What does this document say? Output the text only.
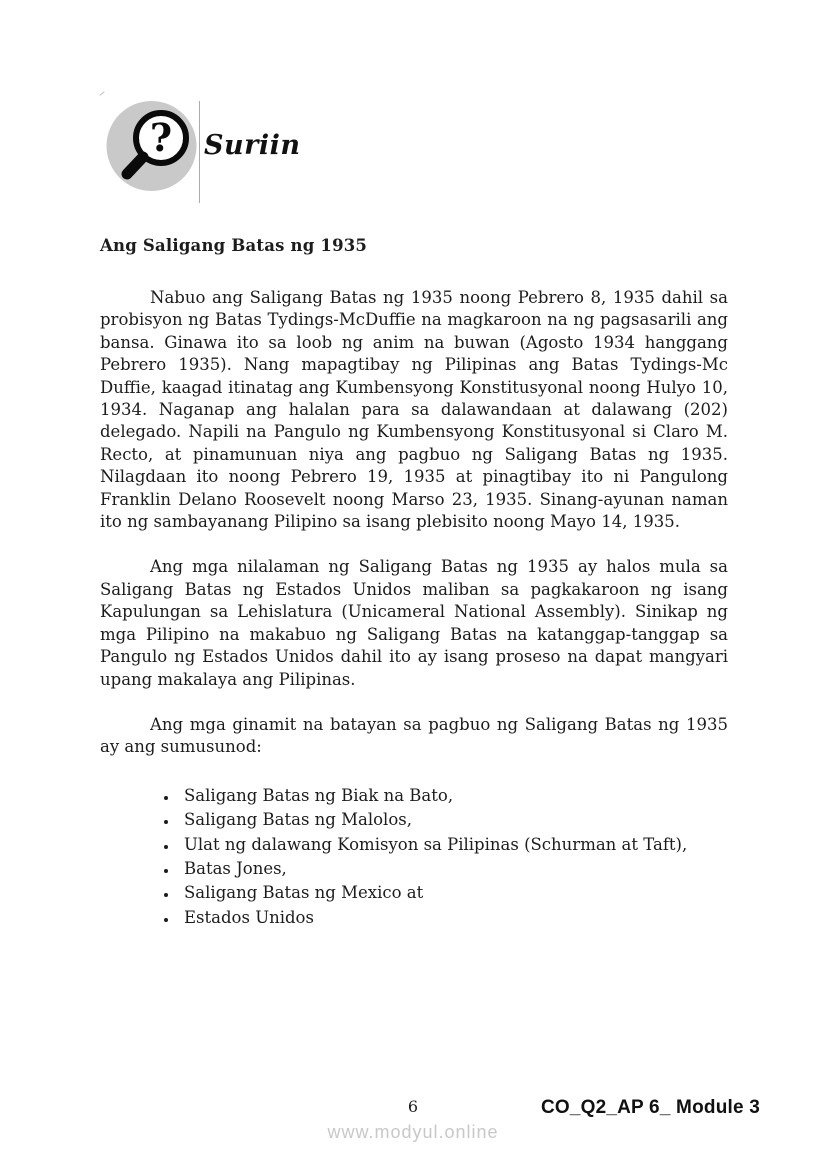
? Suriin
Ang Saligang Batas ng 1935

Nabuo ang Saligang Batas ng 1935 noong Pebrero 8, 1935 dahil sa probisyon ng Batas Tydings-McDuffie na magkaroon na ng pagsasarili ang bansa. Ginawa ito sa loob ng anim na buwan (Agosto 1934 hanggang Pebrero 1935). Nang mapagtibay ng Pilipinas ang Batas Tydings-Mc Duffie, kaagad itinatag ang Kumbensyong Konstitusyonal noong Hulyo 10, 1934. Naganap ang halalan para sa dalawandaan at dalawang (202) delegado. Napili na Pangulo ng Kumbensyong Konstitusyonal si Claro M. Recto, at pinamunuan niya ang pagbuo ng Saligang Batas ng 1935. Nilagdaan ito noong Pebrero 19, 1935 at pinagtibay ito ni Pangulong Franklin Delano Roosevelt noong Marso 23, 1935. Sinang-ayunan naman ito ng sambayanang Pilipino sa isang plebisito noong Mayo 14, 1935.

Ang mga nilalaman ng Saligang Batas ng 1935 ay halos mula sa Saligang Batas ng Estados Unidos maliban sa pagkakaroon ng isang Kapulungan sa Lehislatura (Unicameral National Assembly). Sinikap ng mga Pilipino na makabuo ng Saligang Batas na katanggap-tanggap sa Pangulo ng Estados Unidos dahil ito ay isang proseso na dapat mangyari upang makalaya ang Pilipinas.

Ang mga ginamit na batayan sa pagbuo ng Saligang Batas ng 1935 ay ang sumusunod:

• Saligang Batas ng Biak na Bato,
• Saligang Batas ng Malolos,
• Ulat ng dalawang Komisyon sa Pilipinas (Schurman at Taft),
• Batas Jones,
• Saligang Batas ng Mexico at
• Estados Unidos
6	CO_Q2_AP 6_ Module 3
www.modyul.online
